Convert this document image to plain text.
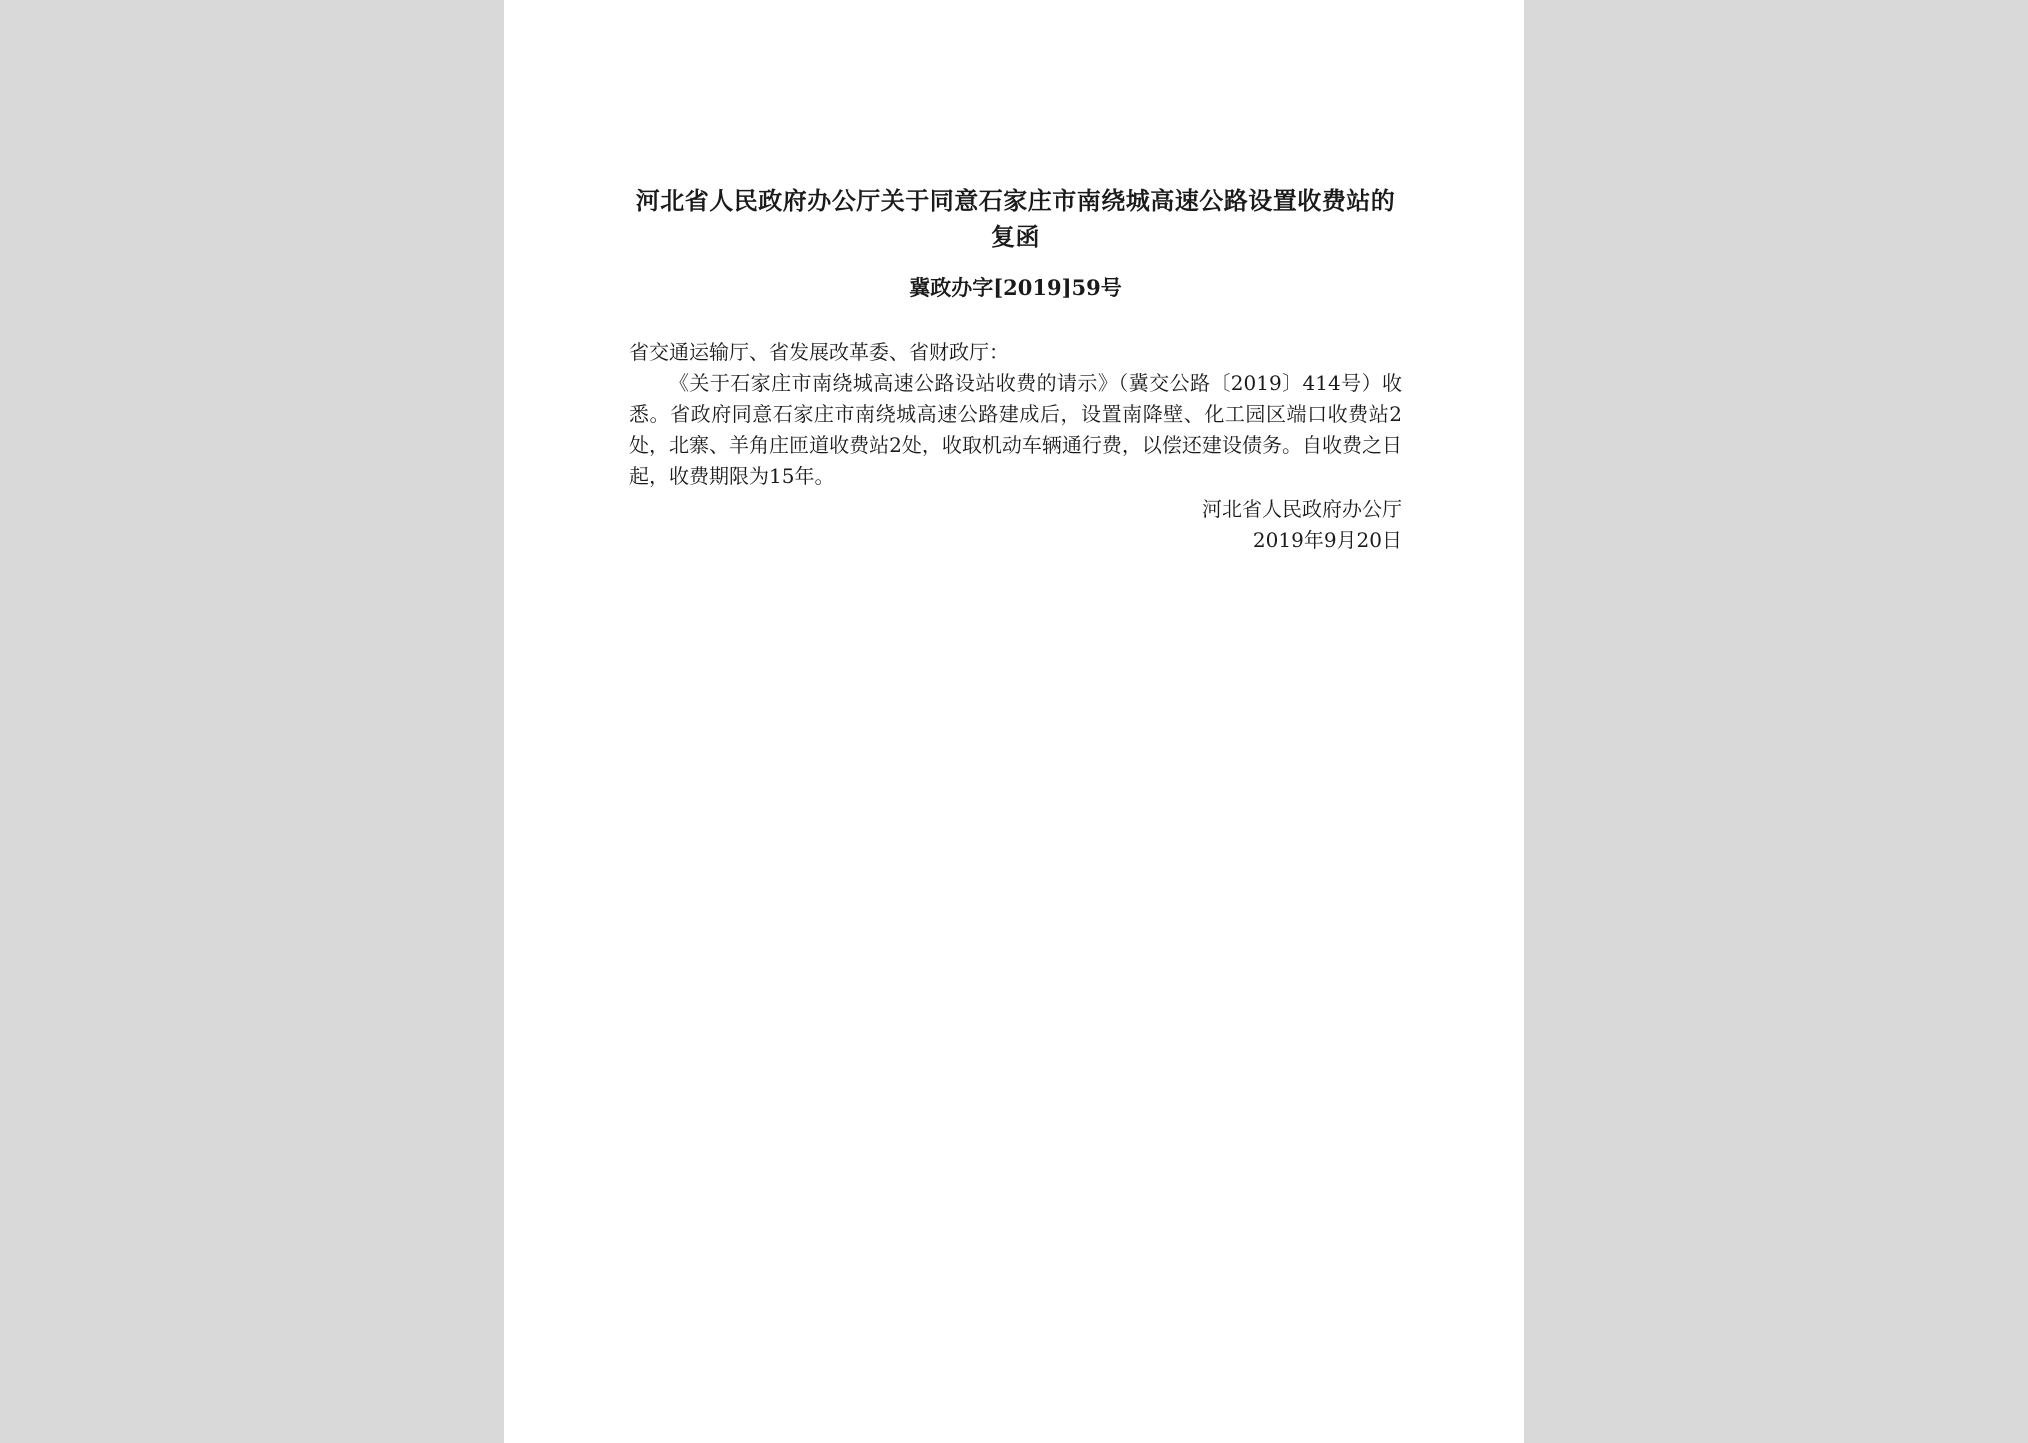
河北省人民政府办公厅关于同意石家庄市南绕城高速公路设置收费站的复函
冀政办字[2019]59号

省交通运输厅、省发展改革委、省财政厅：

《关于石家庄市南绕城高速公路设站收费的请示》（冀交公路〔2019〕414号）收悉。省政府同意石家庄市南绕城高速公路建成后，设置南降壁、化工园区端口收费站2处，北寨、羊角庄匝道收费站2处，收取机动车辆通行费，以偿还建设债务。自收费之日起，收费期限为15年。

河北省人民政府办公厅
2019年9月20日
